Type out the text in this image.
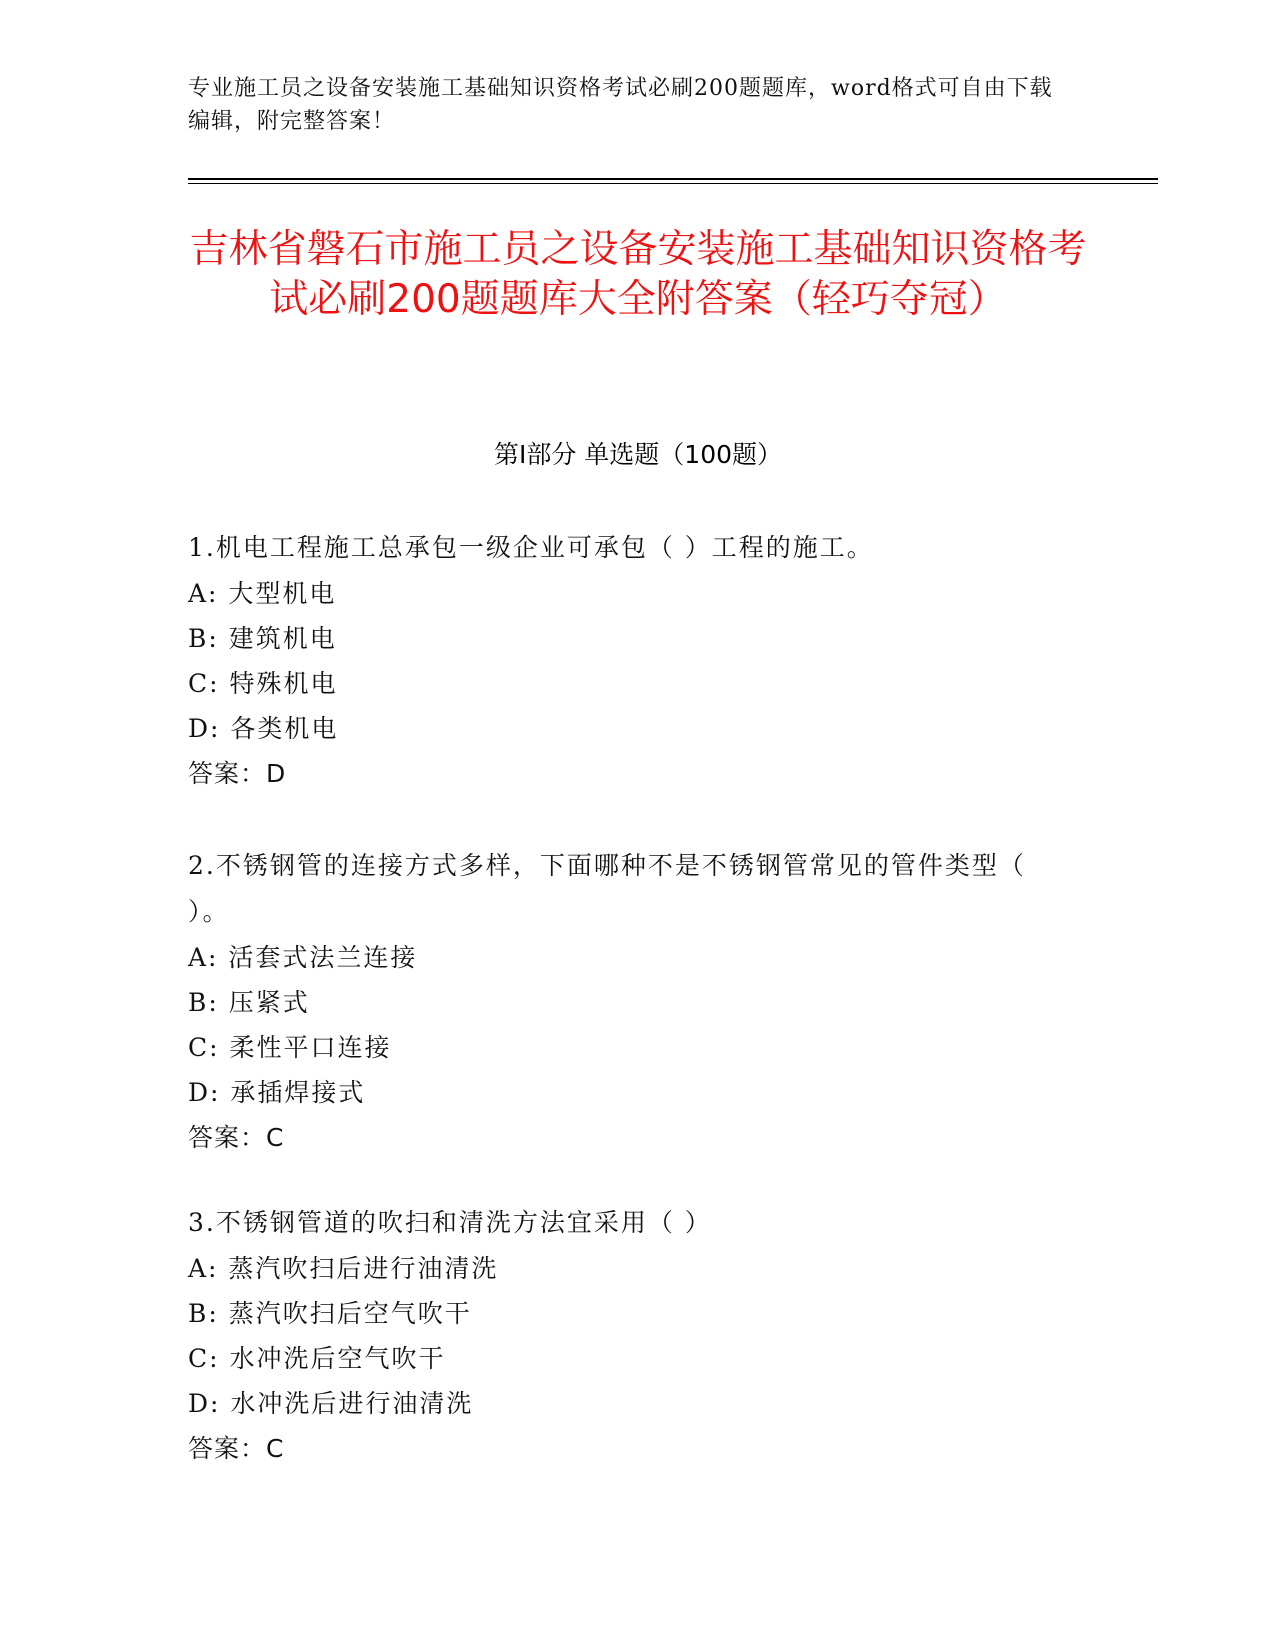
专业施工员之设备安装施工基础知识资格考试必刷200题题库，word格式可自由下载编辑，附完整答案！
吉林省磐石市施工员之设备安装施工基础知识资格考试必刷200题题库大全附答案（轻巧夺冠）
第I部分 单选题（100题）

1.机电工程施工总承包一级企业可承包（ ）工程的施工。

A: 大型机电

B: 建筑机电

C: 特殊机电

D: 各类机电

答案：D

2.不锈钢管的连接方式多样，下面哪种不是不锈钢管常见的管件类型（ ）。

A: 活套式法兰连接

B: 压紧式

C: 柔性平口连接

D: 承插焊接式

答案：C

3.不锈钢管道的吹扫和清洗方法宜采用（ ）

A: 蒸汽吹扫后进行油清洗

B: 蒸汽吹扫后空气吹干

C: 水冲洗后空气吹干

D: 水冲洗后进行油清洗

答案：C
